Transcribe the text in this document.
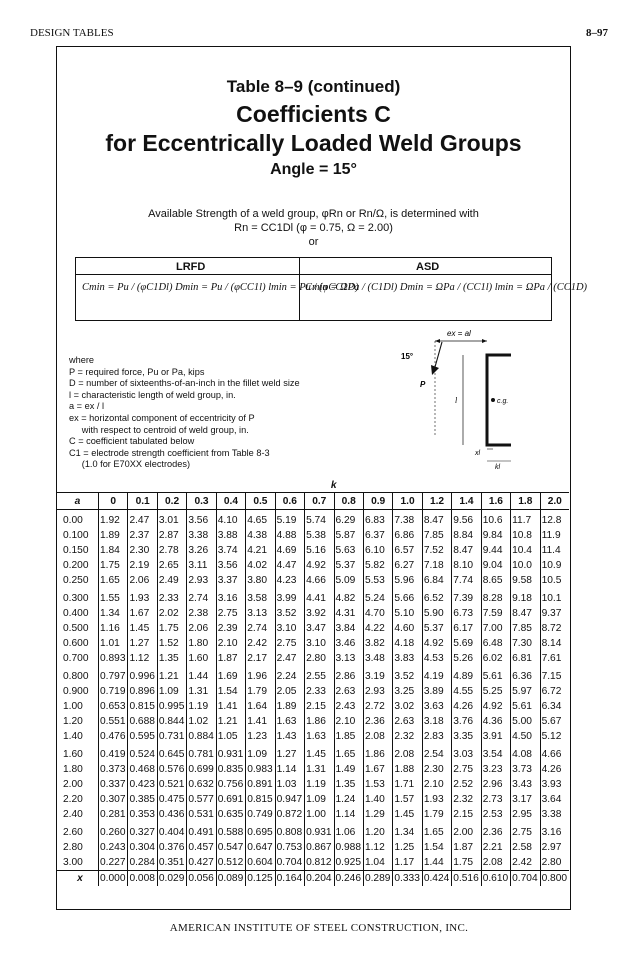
DESIGN TABLES	8–97
Table 8–9 (continued)
Coefficients C
for Eccentrically Loaded Weld Groups
Angle = 15°
Available Strength of a weld group, φRn or Rn/Ω, is determined with
Rn = CC1Dl (φ = 0.75, Ω = 2.00)
or
LRFD	ASD
Cmin = Pu / (φC1Dl) Dmin = Pu / (φCC1l) lmin = Pu / (φCC1D)
Cmin = ΩPa / (C1Dl) Dmin = ΩPa / (CC1l) lmin = ΩPa / (CC1D)
where
P = required force, Pu or Pa, kips
D = number of sixteenths-of-an-inch in the fillet weld size
l = characteristic length of weld group, in.
a = ex / l
ex = horizontal component of eccentricity of P
with respect to centroid of weld group, in.
C = coefficient tabulated below
C1 = electrode strength coefficient from Table 8-3
(1.0 for E70XX electrodes)
ex = al
15°
P
l	c.g.
xl
kl
	k															
a	0	0.1	0.2	0.3	0.4	0.5	0.6	0.7	0.8	0.9	1.0	1.2	1.4	1.6	1.8	2.0

0.00	1.92	2.47	3.01	3.56	4.10	4.65	5.19	5.74	6.29	6.83	7.38	8.47	9.56	10.6	11.7	12.8
0.100	1.89	2.37	2.87	3.38	3.88	4.38	4.88	5.38	5.87	6.37	6.86	7.85	8.84	9.84	10.8	11.9
0.150	1.84	2.30	2.78	3.26	3.74	4.21	4.69	5.16	5.63	6.10	6.57	7.52	8.47	9.44	10.4	11.4
0.200	1.75	2.19	2.65	3.11	3.56	4.02	4.47	4.92	5.37	5.82	6.27	7.18	8.10	9.04	10.0	10.9
0.250	1.65	2.06	2.49	2.93	3.37	3.80	4.23	4.66	5.09	5.53	5.96	6.84	7.74	8.65	9.58	10.5

0.300	1.55	1.93	2.33	2.74	3.16	3.58	3.99	4.41	4.82	5.24	5.66	6.52	7.39	8.28	9.18	10.1
0.400	1.34	1.67	2.02	2.38	2.75	3.13	3.52	3.92	4.31	4.70	5.10	5.90	6.73	7.59	8.47	9.37
0.500	1.16	1.45	1.75	2.06	2.39	2.74	3.10	3.47	3.84	4.22	4.60	5.37	6.17	7.00	7.85	8.72
0.600	1.01	1.27	1.52	1.80	2.10	2.42	2.75	3.10	3.46	3.82	4.18	4.92	5.69	6.48	7.30	8.14
0.700	0.893	1.12	1.35	1.60	1.87	2.17	2.47	2.80	3.13	3.48	3.83	4.53	5.26	6.02	6.81	7.61

0.800	0.797	0.996	1.21	1.44	1.69	1.96	2.24	2.55	2.86	3.19	3.52	4.19	4.89	5.61	6.36	7.15
0.900	0.719	0.896	1.09	1.31	1.54	1.79	2.05	2.33	2.63	2.93	3.25	3.89	4.55	5.25	5.97	6.72
1.00	0.653	0.815	0.995	1.19	1.41	1.64	1.89	2.15	2.43	2.72	3.02	3.63	4.26	4.92	5.61	6.34
1.20	0.551	0.688	0.844	1.02	1.21	1.41	1.63	1.86	2.10	2.36	2.63	3.18	3.76	4.36	5.00	5.67
1.40	0.476	0.595	0.731	0.884	1.05	1.23	1.43	1.63	1.85	2.08	2.32	2.83	3.35	3.91	4.50	5.12

1.60	0.419	0.524	0.645	0.781	0.931	1.09	1.27	1.45	1.65	1.86	2.08	2.54	3.03	3.54	4.08	4.66
1.80	0.373	0.468	0.576	0.699	0.835	0.983	1.14	1.31	1.49	1.67	1.88	2.30	2.75	3.23	3.73	4.26
2.00	0.337	0.423	0.521	0.632	0.756	0.891	1.03	1.19	1.35	1.53	1.71	2.10	2.52	2.96	3.43	3.93
2.20	0.307	0.385	0.475	0.577	0.691	0.815	0.947	1.09	1.24	1.40	1.57	1.93	2.32	2.73	3.17	3.64
2.40	0.281	0.353	0.436	0.531	0.635	0.749	0.872	1.00	1.14	1.29	1.45	1.79	2.15	2.53	2.95	3.38

2.60	0.260	0.327	0.404	0.491	0.588	0.695	0.808	0.931	1.06	1.20	1.34	1.65	2.00	2.36	2.75	3.16
2.80	0.243	0.304	0.376	0.457	0.547	0.647	0.753	0.867	0.988	1.12	1.25	1.54	1.87	2.21	2.58	2.97
3.00	0.227	0.284	0.351	0.427	0.512	0.604	0.704	0.812	0.925	1.04	1.17	1.44	1.75	2.08	2.42	2.80
x	0.000	0.008	0.029	0.056	0.089	0.125	0.164	0.204	0.246	0.289	0.333	0.424	0.516	0.610	0.704	0.800
AMERICAN INSTITUTE OF STEEL CONSTRUCTION, INC.
